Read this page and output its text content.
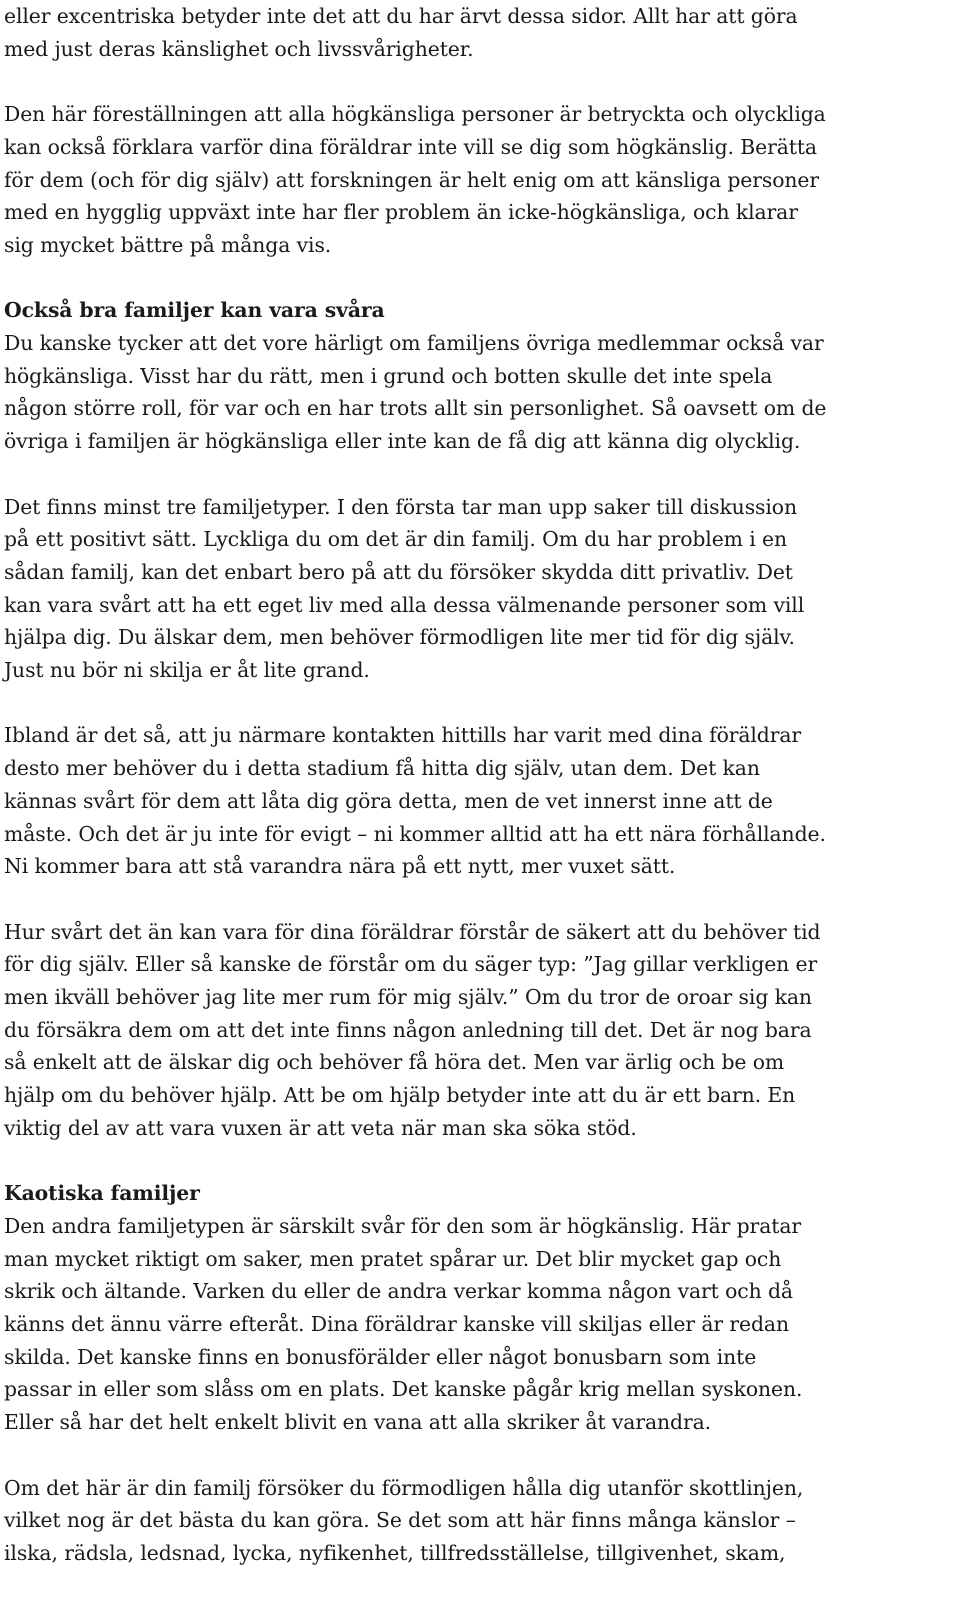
eller excentriska betyder inte det att du har ärvt dessa sidor. Allt har att göra
med just deras känslighet och livssvårigheter.
Den här föreställningen att alla högkänsliga personer är betryckta och olyckliga
kan också förklara varför dina föräldrar inte vill se dig som högkänslig. Berätta
för dem (och för dig själv) att forskningen är helt enig om att känsliga personer
med en hygglig uppväxt inte har fler problem än icke-högkänsliga, och klarar
sig mycket bättre på många vis.
Också bra familjer kan vara svåra
Du kanske tycker att det vore härligt om familjens övriga medlemmar också var
högkänsliga. Visst har du rätt, men i grund och botten skulle det inte spela
någon större roll, för var och en har trots allt sin personlighet. Så oavsett om de
övriga i familjen är högkänsliga eller inte kan de få dig att känna dig olycklig.
Det finns minst tre familjetyper. I den första tar man upp saker till diskussion
på ett positivt sätt. Lyckliga du om det är din familj. Om du har problem i en
sådan familj, kan det enbart bero på att du försöker skydda ditt privatliv. Det
kan vara svårt att ha ett eget liv med alla dessa välmenande personer som vill
hjälpa dig. Du älskar dem, men behöver förmodligen lite mer tid för dig själv.
Just nu bör ni skilja er åt lite grand.
Ibland är det så, att ju närmare kontakten hittills har varit med dina föräldrar
desto mer behöver du i detta stadium få hitta dig själv, utan dem. Det kan
kännas svårt för dem att låta dig göra detta, men de vet innerst inne att de
måste. Och det är ju inte för evigt – ni kommer alltid att ha ett nära förhållande.
Ni kommer bara att stå varandra nära på ett nytt, mer vuxet sätt.
Hur svårt det än kan vara för dina föräldrar förstår de säkert att du behöver tid
för dig själv. Eller så kanske de förstår om du säger typ: ”Jag gillar verkligen er
men ikväll behöver jag lite mer rum för mig själv.” Om du tror de oroar sig kan
du försäkra dem om att det inte finns någon anledning till det. Det är nog bara
så enkelt att de älskar dig och behöver få höra det. Men var ärlig och be om
hjälp om du behöver hjälp. Att be om hjälp betyder inte att du är ett barn. En
viktig del av att vara vuxen är att veta när man ska söka stöd.
Kaotiska familjer
Den andra familjetypen är särskilt svår för den som är högkänslig. Här pratar
man mycket riktigt om saker, men pratet spårar ur. Det blir mycket gap och
skrik och ältande. Varken du eller de andra verkar komma någon vart och då
känns det ännu värre efteråt. Dina föräldrar kanske vill skiljas eller är redan
skilda. Det kanske finns en bonusförälder eller något bonusbarn som inte
passar in eller som slåss om en plats. Det kanske pågår krig mellan syskonen.
Eller så har det helt enkelt blivit en vana att alla skriker åt varandra.
Om det här är din familj försöker du förmodligen hålla dig utanför skottlinjen,
vilket nog är det bästa du kan göra. Se det som att här finns många känslor –
ilska, rädsla, ledsnad, lycka, nyfikenhet, tillfredsställelse, tillgivenhet, skam,
